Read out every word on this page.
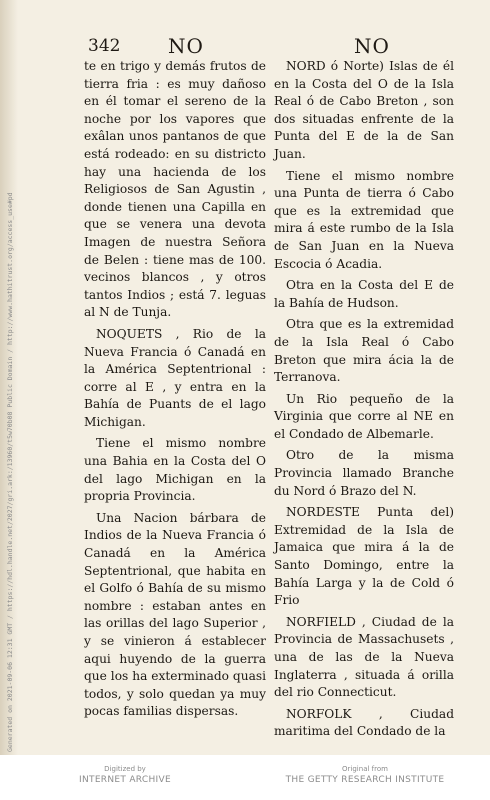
342 NO	NO

te en trigo y demás frutos de tierra fria : es muy dañoso en él tomar el sereno de la noche por los vapores que exâlan unos pantanos de que está rodeado: en su districto hay una hacienda de los Religiosos de San Agustin , donde tienen una Capilla en que se venera una devota Imagen de nuestra Señora de Belen : tiene mas de 100. vecinos blancos , y otros tantos Indios ; está 7. leguas al N de Tunja.

NOQUETS , Rio de la Nueva Francia ó Canadá en la América Septentrional : corre al E , y entra en la Bahía de Puants de el lago Michigan.

Tiene el mismo nombre una Bahia en la Costa del O del lago Michigan en la propria Provincia.

Una Nacion bárbara de Indios de la Nueva Francia ó Canadá en la América Septentrional, que habita en el Golfo ó Bahía de su mismo nombre : estaban antes en las orillas del lago Superior , y se vinieron á establecer aqui huyendo de la guerra que los ha exterminado quasi todos, y solo quedan ya muy pocas familias dispersas.

NORD ó Norte) Islas de él en la Costa del O de la Isla Real ó de Cabo Breton , son dos situadas enfrente de la Punta del E de la de San Juan.

Tiene el mismo nombre una Punta de tierra ó Cabo que es la extremidad que mira á este rumbo de la Isla de San Juan en la Nueva Escocia ó Acadia.

Otra en la Costa del E de la Bahía de Hudson.

Otra que es la extremidad de la Isla Real ó Cabo Breton que mira ácia la de Terranova.

Un Rio pequeño de la Virginia que corre al NE en el Condado de Albemarle.

Otro de la misma Provincia llamado Branche du Nord ó Brazo del N.

NORDESTE Punta del) Extremidad de la Isla de Jamaica que mira á la de Santo Domingo, entre la Bahía Larga y la de Cold ó Frio

NORFIELD , Ciudad de la Provincia de Massachusets , una de las de la Nueva Inglaterra , situada á orilla del rio Connecticut.

NORFOLK , Ciudad maritima del Condado de la

Generated on 2021-09-06 12:31 GMT / https://hdl.handle.net/2027/gri.ark:/13960/t5w70b08 Public Domain / http://www.hathitrust.org/access_use#pd
Digitized by
INTERNET ARCHIVE
Original from
THE GETTY RESEARCH INSTITUTE
